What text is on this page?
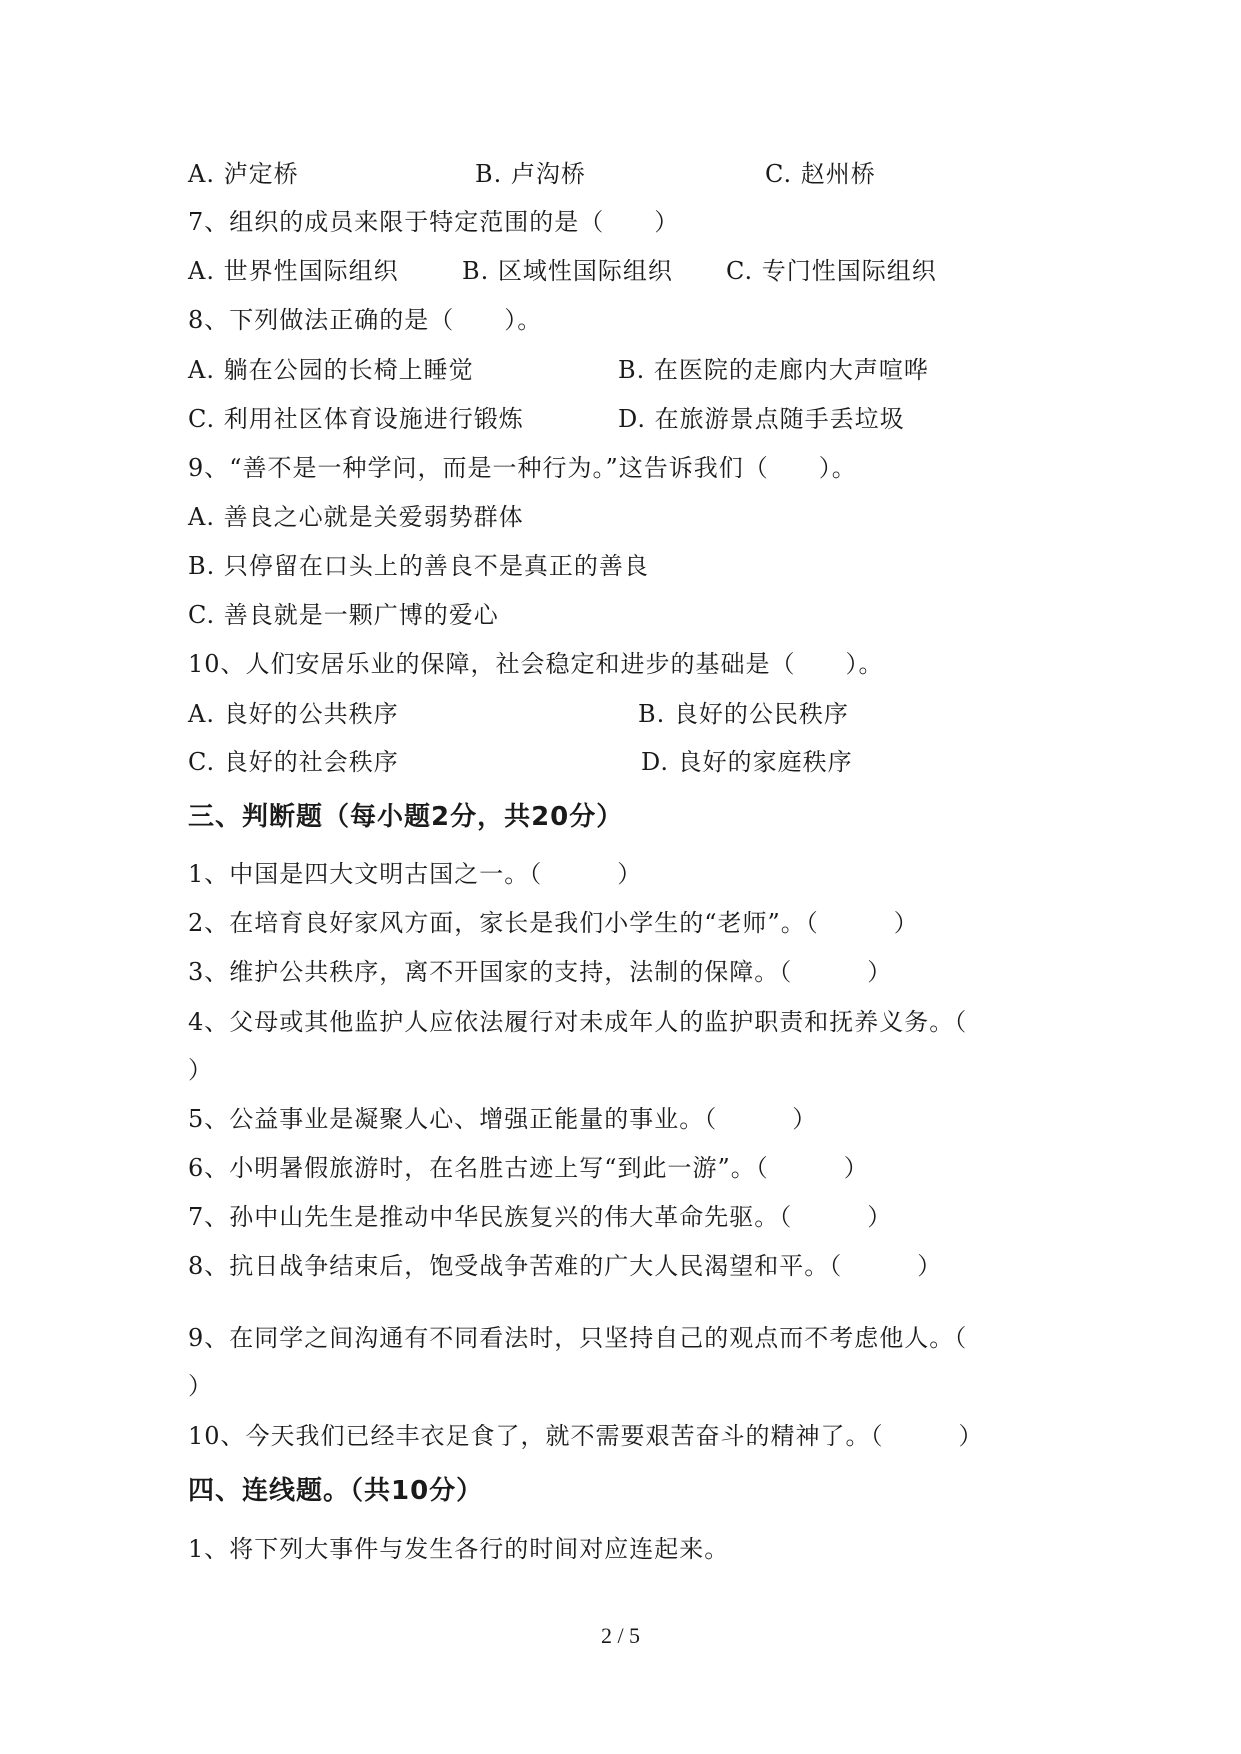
A. 泸定桥	B. 卢沟桥	C. 赵州桥
7、组织的成员来限于特定范围的是（　　）
A. 世界性国际组织	B. 区域性国际组织 C. 专门性国际组织
8、下列做法正确的是（　　）。
A. 躺在公园的长椅上睡觉	B. 在医院的走廊内大声喧哗
C. 利用社区体育设施进行锻炼	D. 在旅游景点随手丢垃圾
9、“善不是一种学问，而是一种行为。”这告诉我们（　　）。
A. 善良之心就是关爱弱势群体
B. 只停留在口头上的善良不是真正的善良
C. 善良就是一颗广博的爱心
10、人们安居乐业的保障，社会稳定和进步的基础是（　　）。
A. 良好的公共秩序	B. 良好的公民秩序
C. 良好的社会秩序	D. 良好的家庭秩序
三、判断题（每小题2分，共20分）
1、中国是四大文明古国之一。（　　　）
2、在培育良好家风方面，家长是我们小学生的“老师”。（　　　）
3、维护公共秩序，离不开国家的支持，法制的保障。（　　　）
4、父母或其他监护人应依法履行对未成年人的监护职责和抚养义务。（
）
5、公益事业是凝聚人心、增强正能量的事业。（　　　）
6、小明暑假旅游时，在名胜古迹上写“到此一游”。（　　　）
7、孙中山先生是推动中华民族复兴的伟大革命先驱。（　　　）
8、抗日战争结束后，饱受战争苦难的广大人民渴望和平。（　　　）
9、在同学之间沟通有不同看法时，只坚持自己的观点而不考虑他人。（
）
10、今天我们已经丰衣足食了，就不需要艰苦奋斗的精神了。（　　　）
四、连线题。（共10分）
1、将下列大事件与发生各行的时间对应连起来。
2 / 5
